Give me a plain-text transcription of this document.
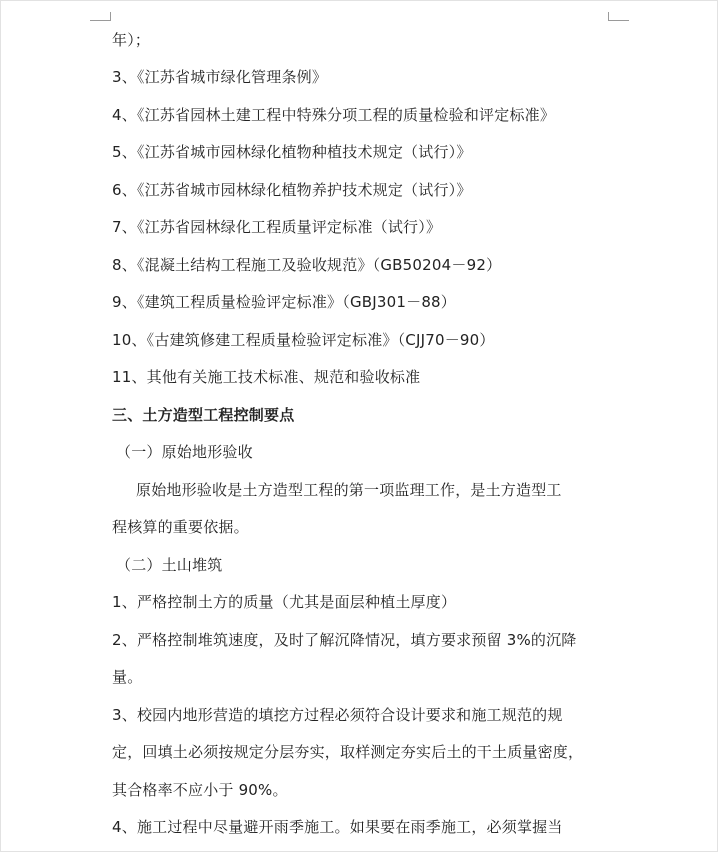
年）；
3、《江苏省城市绿化管理条例》
4、《江苏省园林土建工程中特殊分项工程的质量检验和评定标准》
5、《江苏省城市园林绿化植物种植技术规定（试行）》
6、《江苏省城市园林绿化植物养护技术规定（试行）》
7、《江苏省园林绿化工程质量评定标准（试行）》
8、《混凝土结构工程施工及验收规范》（GB50204－92）
9、《建筑工程质量检验评定标准》（GBJ301－88）
10、《古建筑修建工程质量检验评定标准》（CJJ70－90）
11、其他有关施工技术标准、规范和验收标准
三、土方造型工程控制要点
（一）原始地形验收
原始地形验收是土方造型工程的第一项监理工作，是土方造型工
程核算的重要依据。
（二）土山堆筑
1、严格控制土方的质量（尤其是面层种植土厚度）
2、严格控制堆筑速度，及时了解沉降情况，填方要求预留 3%的沉降
量。
3、校园内地形营造的填挖方过程必须符合设计要求和施工规范的规
定，回填土必须按规定分层夯实，取样测定夯实后土的干土质量密度，
其合格率不应小于 90%。
4、施工过程中尽量避开雨季施工。如果要在雨季施工，必须掌握当
